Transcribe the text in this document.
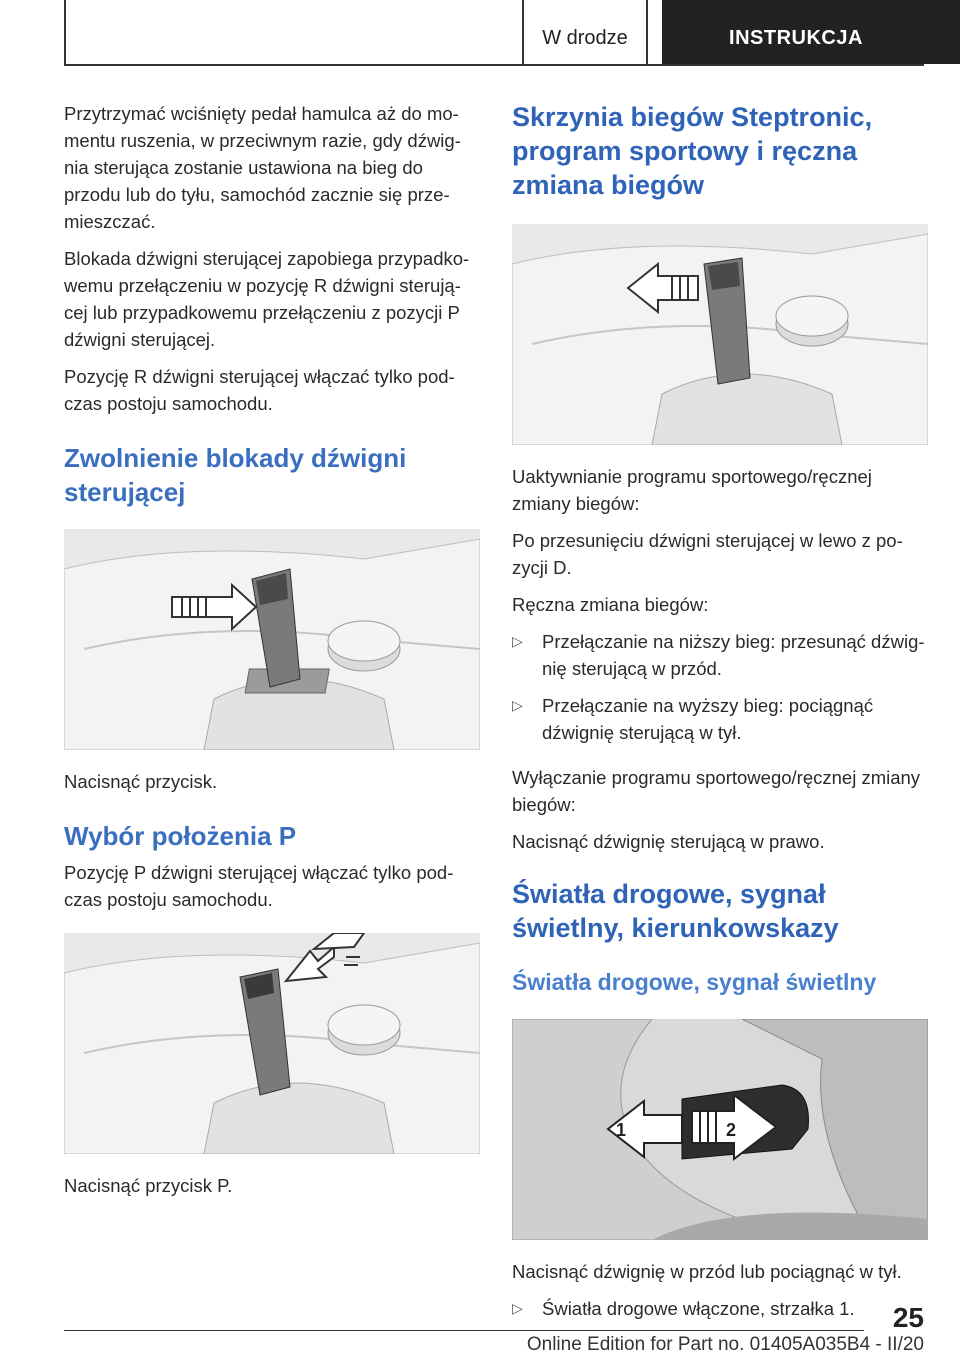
W drodze	INSTRUKCJA

Przytrzymać wciśnięty pedał hamulca aż do mo-mentu ruszenia, w przeciwnym razie, gdy dźwig-nia sterująca zostanie ustawiona na bieg do przodu lub do tyłu, samochód zacznie się prze-mieszczać.

Blokada dźwigni sterującej zapobiega przypadko-wemu przełączeniu w pozycję R dźwigni sterują-cej lub przypadkowemu przełączeniu z pozycji P dźwigni sterującej.

Pozycję R dźwigni sterującej włączać tylko pod-czas postoju samochodu.

Zwolnienie blokady dźwigni sterującej

Nacisnąć przycisk.

Wybór położenia P

Pozycję P dźwigni sterującej włączać tylko pod-czas postoju samochodu.

Nacisnąć przycisk P.

Skrzynia biegów Steptronic, program sportowy i ręczna zmiana biegów

Uaktywnianie programu sportowego/ręcznej zmiany biegów:

Po przesunięciu dźwigni sterującej w lewo z po-zycji D.

Ręczna zmiana biegów:

▷ Przełączanie na niższy bieg: przesunąć dźwig-nię sterującą w przód.
▷ Przełączanie na wyższy bieg: pociągnąć dźwignię sterującą w tył.

Wyłączanie programu sportowego/ręcznej zmiany biegów:

Nacisnąć dźwignię sterującą w prawo.

Światła drogowe, sygnał świetlny, kierunkowskazy
Światła drogowe, sygnał świetlny
1	2

Nacisnąć dźwignię w przód lub pociągnąć w tył.

▷ Światła drogowe włączone, strzałka 1.	25
Online Edition for Part no. 01405A035B4 - II/20
